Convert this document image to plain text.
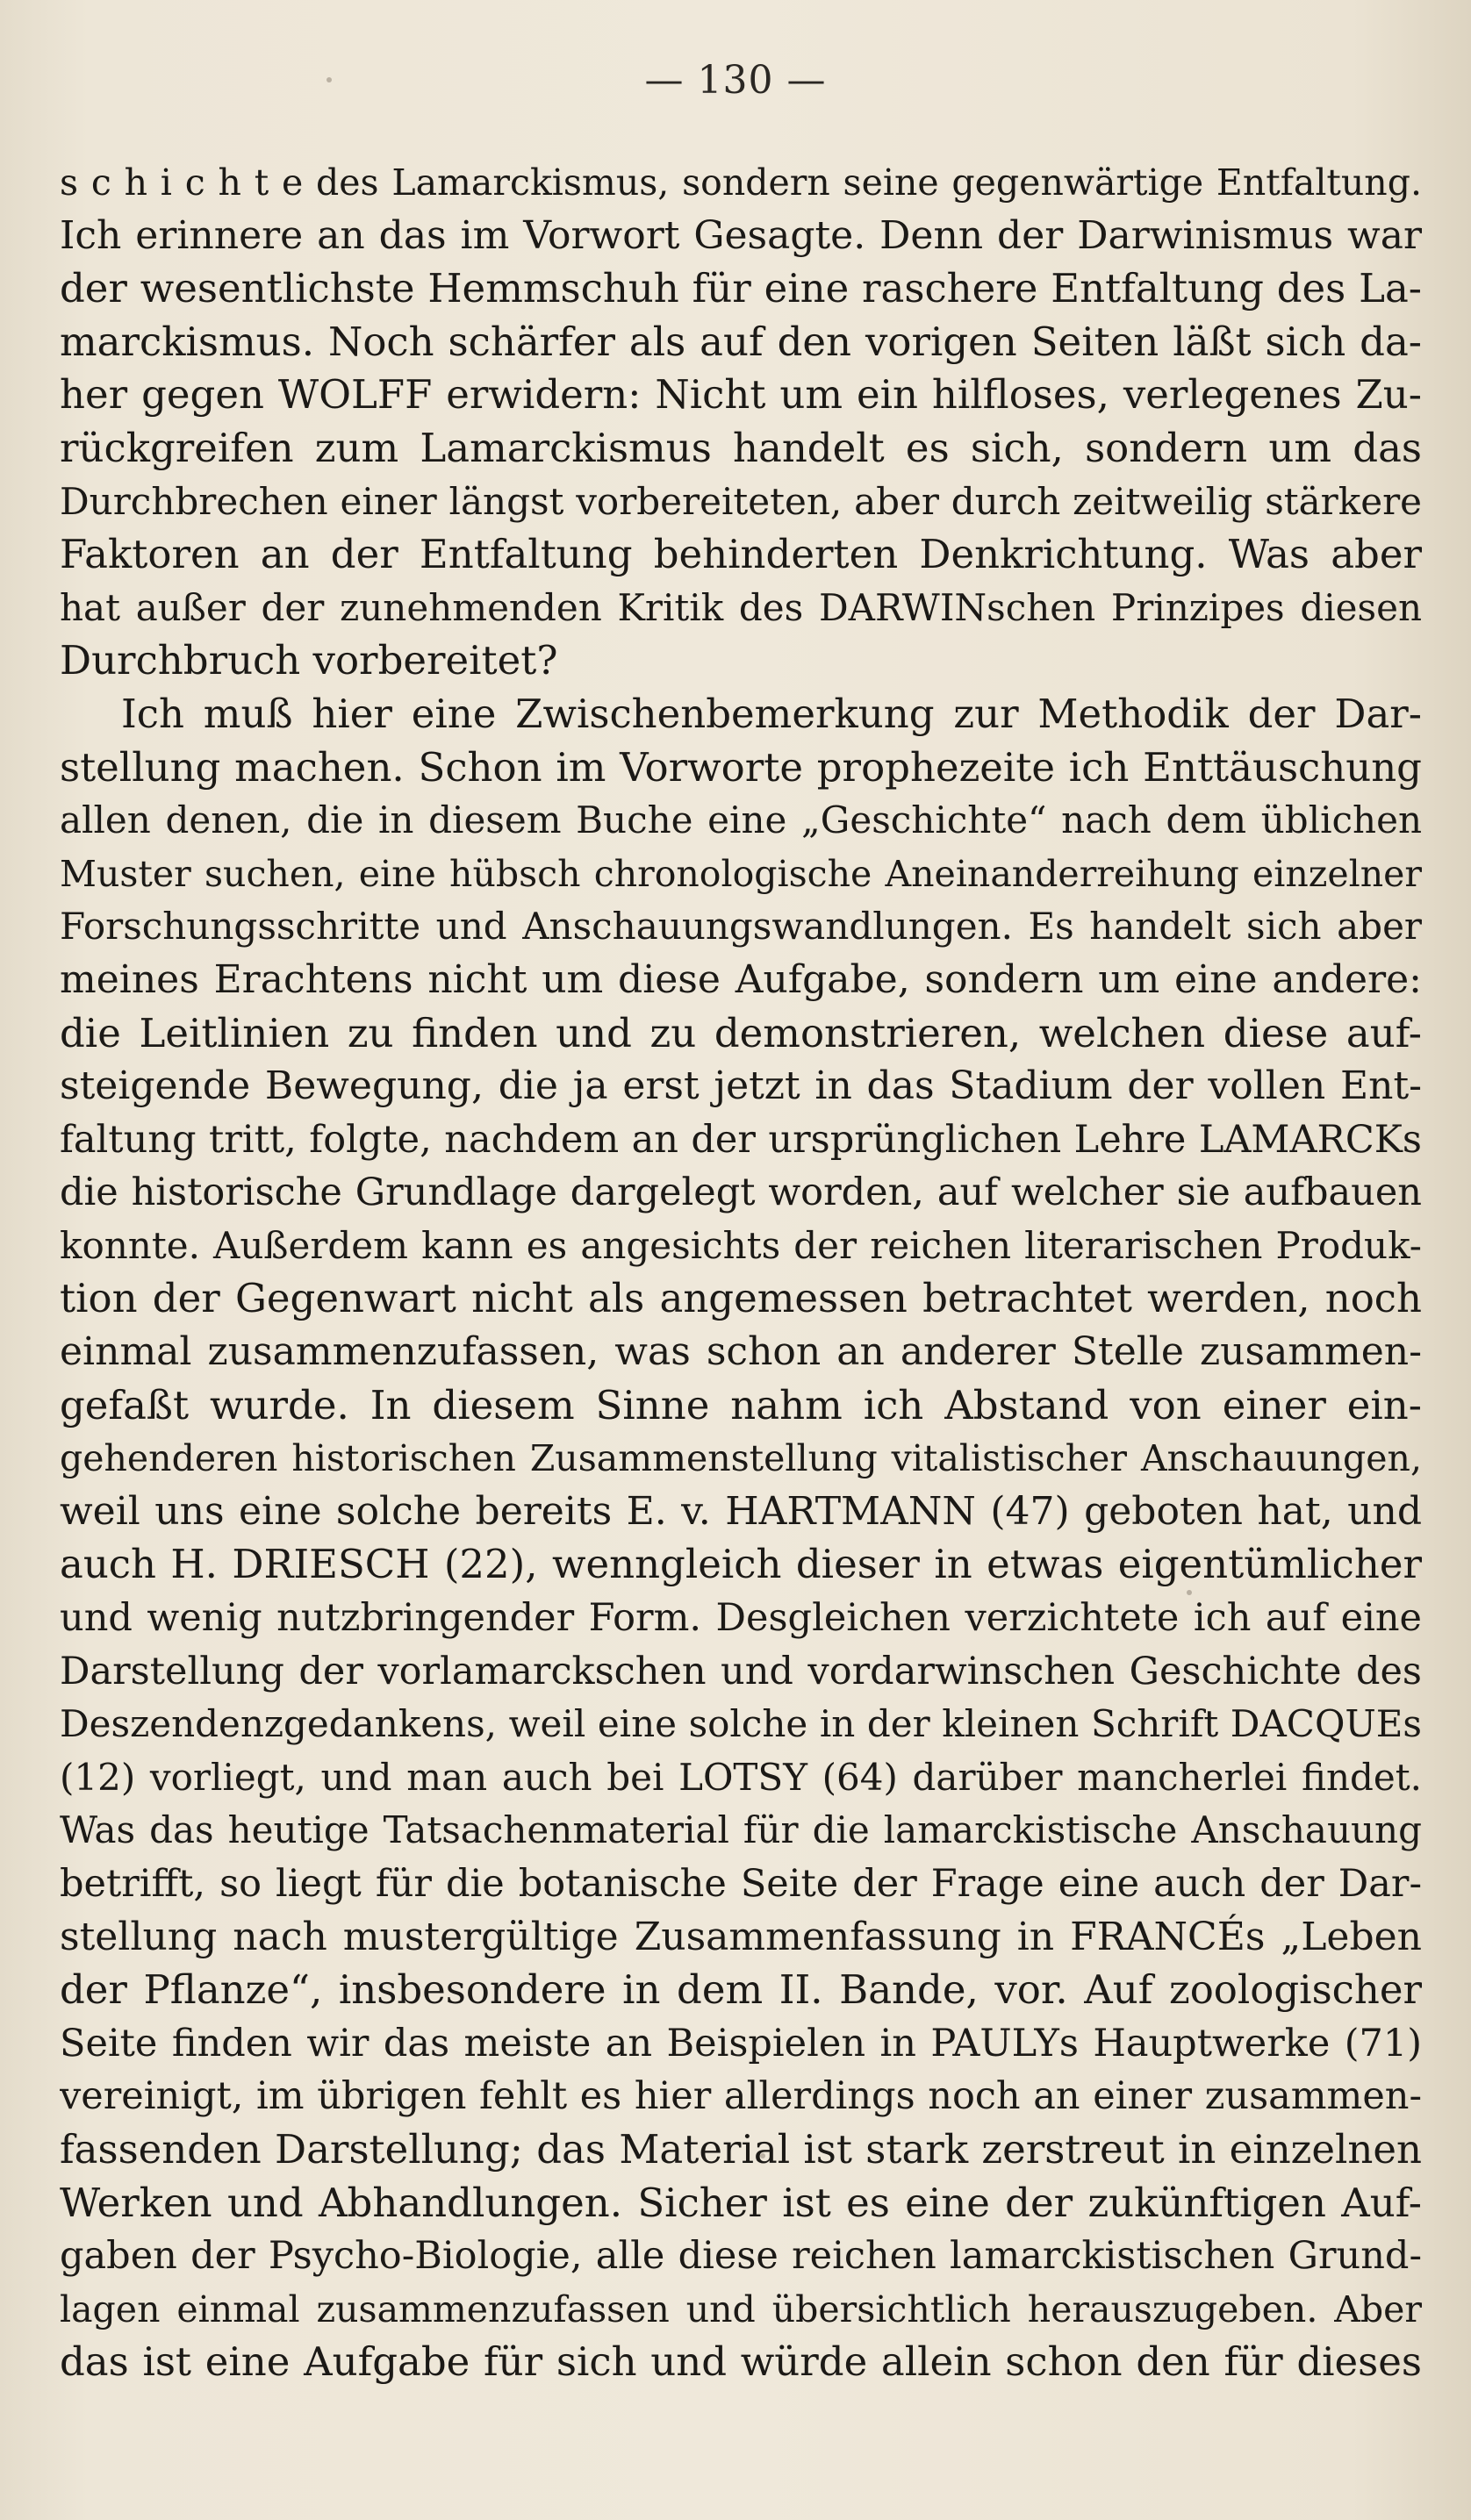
— 130 —
s c h i c h t e des Lamarckismus, sondern seine gegenwärtige Entfaltung.
Ich erinnere an das im Vorwort Gesagte. Denn der Darwinismus war
der wesentlichste Hemmschuh für eine raschere Entfaltung des La-
marckismus. Noch schärfer als auf den vorigen Seiten läßt sich da-
her gegen WOLFF erwidern: Nicht um ein hilfloses, verlegenes Zu-
rückgreifen zum Lamarckismus handelt es sich, sondern um das
Durchbrechen einer längst vorbereiteten, aber durch zeitweilig stärkere
Faktoren an der Entfaltung behinderten Denkrichtung. Was aber
hat außer der zunehmenden Kritik des DARWINschen Prinzipes diesen
Durchbruch vorbereitet?
Ich muß hier eine Zwischenbemerkung zur Methodik der Dar-
stellung machen. Schon im Vorworte prophezeite ich Enttäuschung
allen denen, die in diesem Buche eine „Geschichte“ nach dem üblichen
Muster suchen, eine hübsch chronologische Aneinanderreihung einzelner
Forschungsschritte und Anschauungswandlungen. Es handelt sich aber
meines Erachtens nicht um diese Aufgabe, sondern um eine andere:
die Leitlinien zu finden und zu demonstrieren, welchen diese auf-
steigende Bewegung, die ja erst jetzt in das Stadium der vollen Ent-
faltung tritt, folgte, nachdem an der ursprünglichen Lehre LAMARCKs
die historische Grundlage dargelegt worden, auf welcher sie aufbauen
konnte. Außerdem kann es angesichts der reichen literarischen Produk-
tion der Gegenwart nicht als angemessen betrachtet werden, noch
einmal zusammenzufassen, was schon an anderer Stelle zusammen-
gefaßt wurde. In diesem Sinne nahm ich Abstand von einer ein-
gehenderen historischen Zusammenstellung vitalistischer Anschauungen,
weil uns eine solche bereits E. v. HARTMANN (47) geboten hat, und
auch H. DRIESCH (22), wenngleich dieser in etwas eigentümlicher
und wenig nutzbringender Form. Desgleichen verzichtete ich auf eine
Darstellung der vorlamarckschen und vordarwinschen Geschichte des
Deszendenzgedankens, weil eine solche in der kleinen Schrift DACQUEs
(12) vorliegt, und man auch bei LOTSY (64) darüber mancherlei findet.
Was das heutige Tatsachenmaterial für die lamarckistische Anschauung
betrifft, so liegt für die botanische Seite der Frage eine auch der Dar-
stellung nach mustergültige Zusammenfassung in FRANCÉs „Leben
der Pflanze“, insbesondere in dem II. Bande, vor. Auf zoologischer
Seite finden wir das meiste an Beispielen in PAULYs Hauptwerke (71)
vereinigt, im übrigen fehlt es hier allerdings noch an einer zusammen-
fassenden Darstellung; das Material ist stark zerstreut in einzelnen
Werken und Abhandlungen. Sicher ist es eine der zukünftigen Auf-
gaben der Psycho-Biologie, alle diese reichen lamarckistischen Grund-
lagen einmal zusammenzufassen und übersichtlich herauszugeben. Aber
das ist eine Aufgabe für sich und würde allein schon den für dieses
